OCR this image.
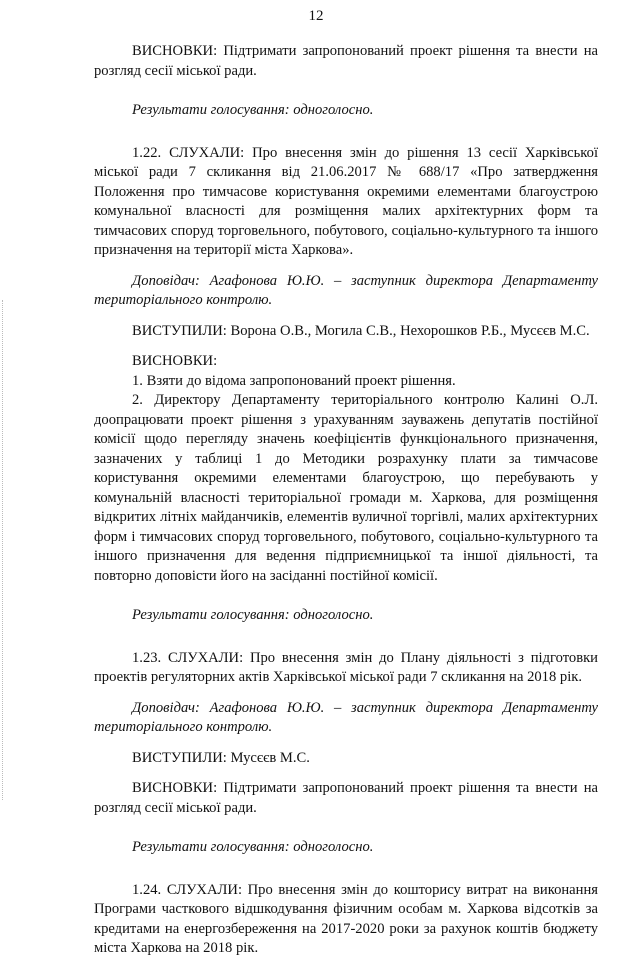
12

ВИСНОВКИ: Підтримати запропонований проект рішення та внести на розгляд сесії міської ради.

Результати голосування: одноголосно.

1.22. СЛУХАЛИ: Про внесення змін до рішення 13 сесії Харківської міської ради 7 скликання від 21.06.2017 № 688/17 «Про затвердження Положення про тимчасове користування окремими елементами благоустрою комунальної власності для розміщення малих архітектурних форм та тимчасових споруд торговельного, побутового, соціально-культурного та іншого призначення на території міста Харкова».

Доповідач: Агафонова Ю.Ю. – заступник директора Департаменту територіального контролю.

ВИСТУПИЛИ: Ворона О.В., Могила С.В., Нехорошков Р.Б., Мусєєв М.С.

ВИСНОВКИ:

1. Взяти до відома запропонований проект рішення.

2. Директору Департаменту територіального контролю Калині О.Л. доопрацювати проект рішення з урахуванням зауважень депутатів постійної комісії щодо перегляду значень коефіцієнтів функціонального призначення, зазначених у таблиці 1 до Методики розрахунку плати за тимчасове користування окремими елементами благоустрою, що перебувають у комунальній власності територіальної громади м. Харкова, для розміщення відкритих літніх майданчиків, елементів вуличної торгівлі, малих архітектурних форм і тимчасових споруд торговельного, побутового, соціально-культурного та іншого призначення для ведення підприємницької та іншої діяльності, та повторно доповісти його на засіданні постійної комісії.

Результати голосування: одноголосно.

1.23. СЛУХАЛИ: Про внесення змін до Плану діяльності з підготовки проектів регуляторних актів Харківської міської ради 7 скликання на 2018 рік.

Доповідач: Агафонова Ю.Ю. – заступник директора Департаменту територіального контролю.

ВИСТУПИЛИ: Мусєєв М.С.

ВИСНОВКИ: Підтримати запропонований проект рішення та внести на розгляд сесії міської ради.

Результати голосування: одноголосно.

1.24. СЛУХАЛИ: Про внесення змін до кошторису витрат на виконання Програми часткового відшкодування фізичним особам м. Харкова відсотків за кредитами на енергозбереження на 2017-2020 роки за рахунок коштів бюджету міста Харкова на 2018 рік.
